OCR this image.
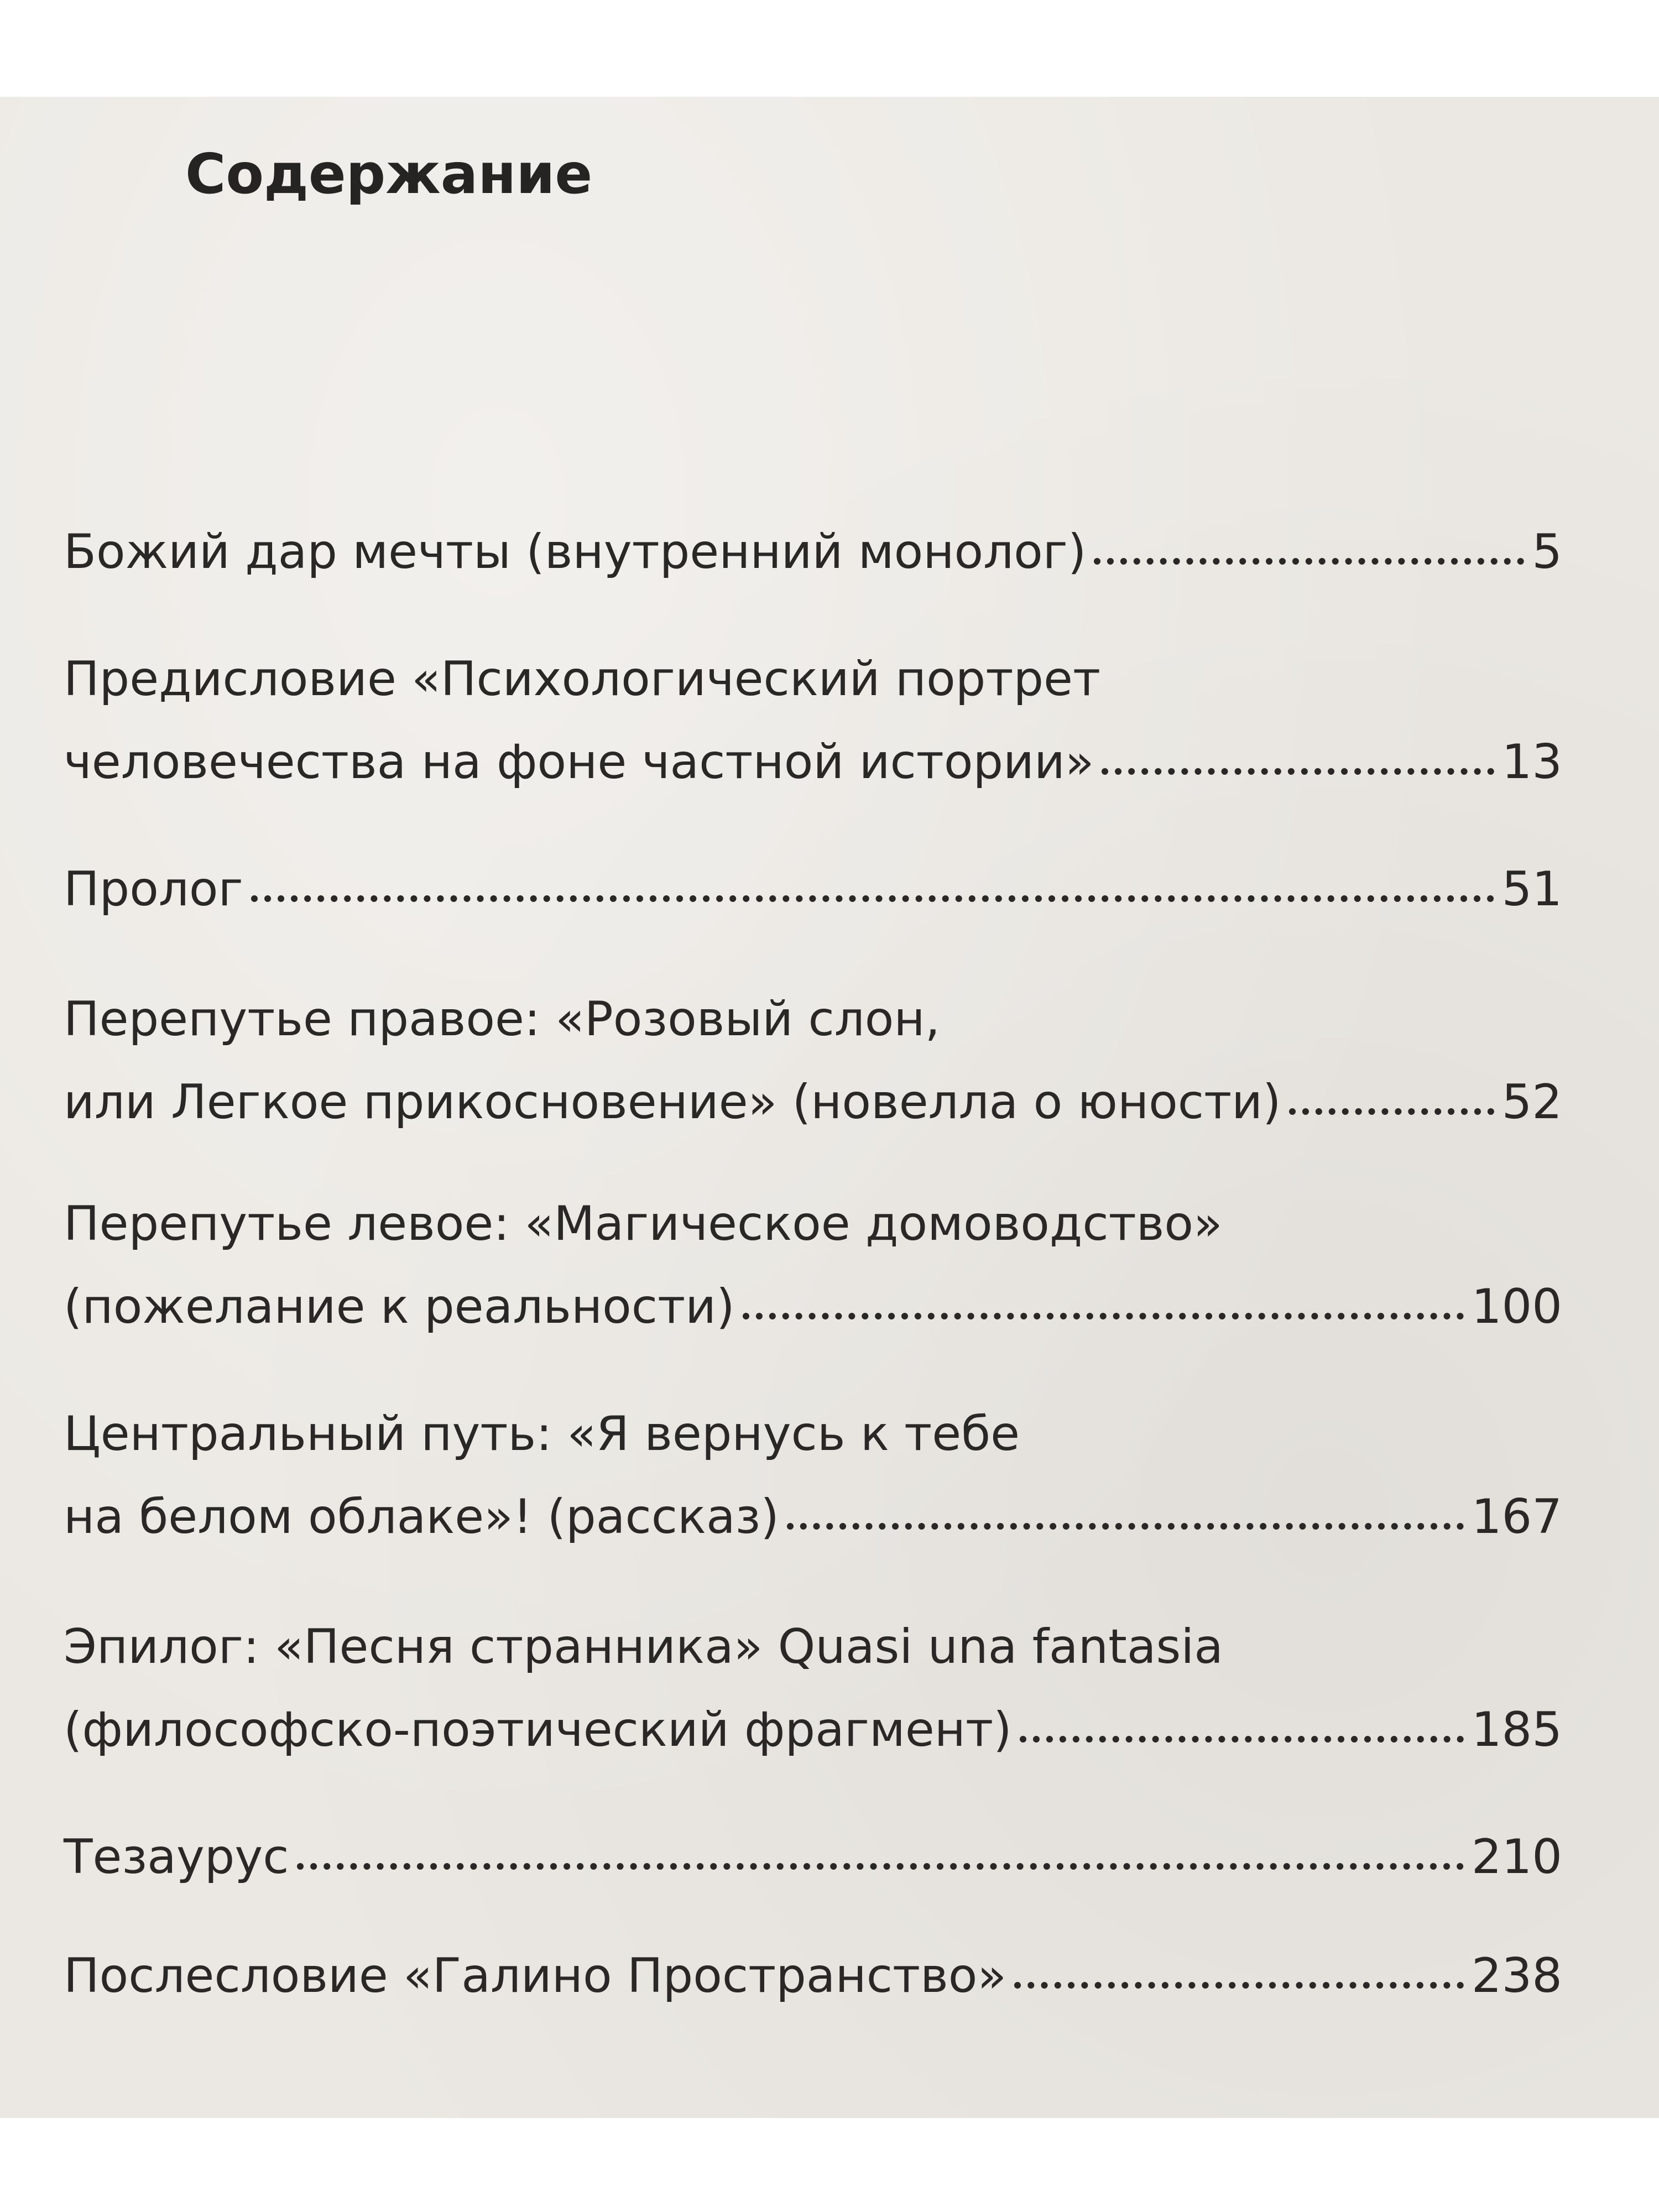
Содержание
Божий дар мечты (внутренний монолог)	5
Предисловие «Психологический портрет
человечества на фоне частной истории»	13
Пролог	51
Перепутье правое: «Розовый слон,
или Легкое прикосновение» (новелла о юности)	52
Перепутье левое: «Магическое домоводство»
(пожелание к реальности)	100
Центральный путь: «Я вернусь к тебе
на белом облаке»! (рассказ)	167
Эпилог: «Песня странника» Quasi una fantasia
(философско-поэтический фрагмент)	185
Тезаурус	210
Послесловие «Галино Пространство»	238
